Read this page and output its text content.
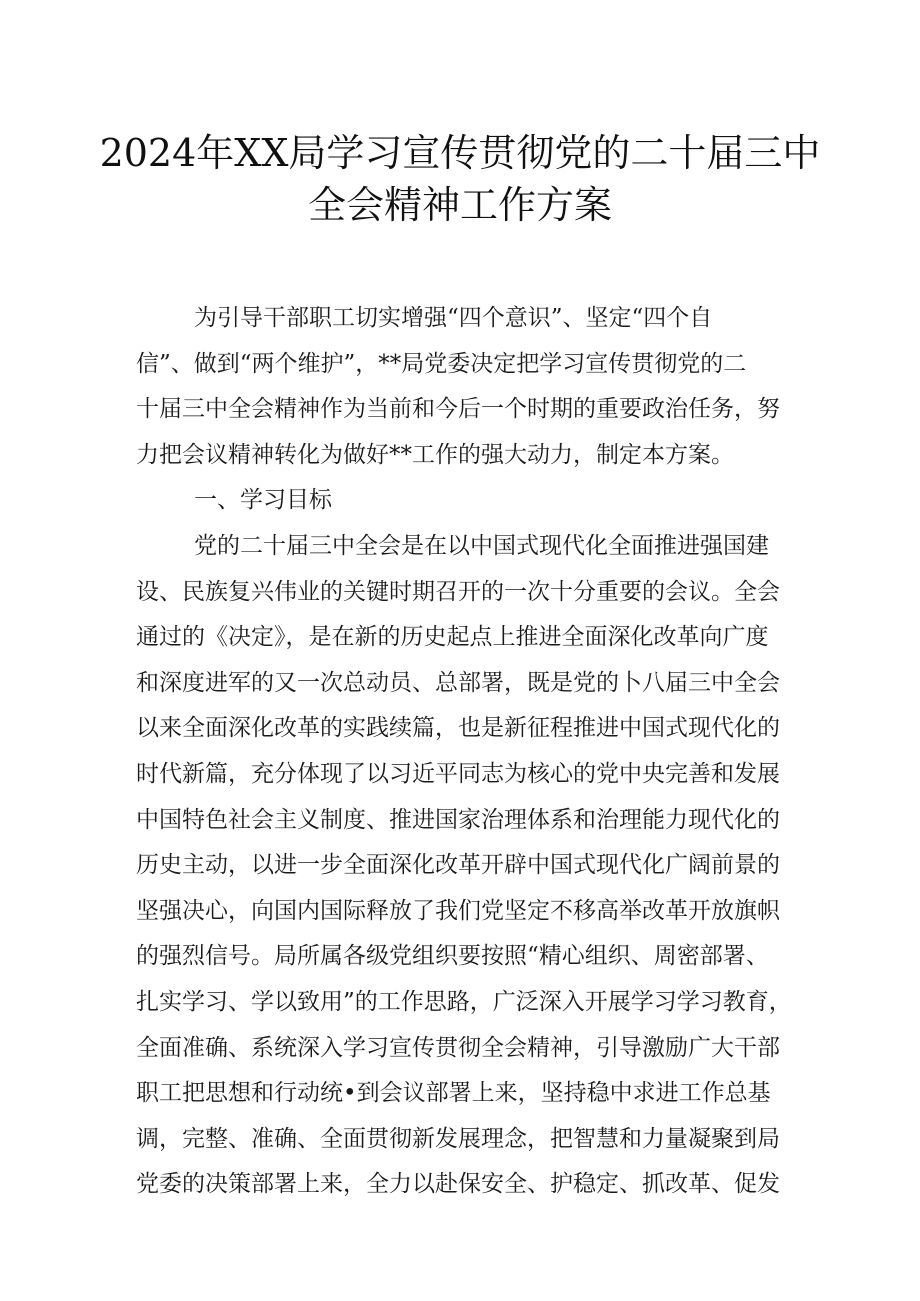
2024年XX局学习宣传贯彻党的二十届三中
全会精神工作方案
为引导干部职工切实增强“四个意识”、坚定“四个自
信”、做到“两个维护”，**局党委决定把学习宣传贯彻党的二
十届三中全会精神作为当前和今后一个时期的重要政治任务，努
力把会议精神转化为做好**工作的强大动力，制定本方案。
一、学习目标
党的二十届三中全会是在以中国式现代化全面推进强国建
设、民族复兴伟业的关键时期召开的一次十分重要的会议。全会
通过的《决定》，是在新的历史起点上推进全面深化改革向广度
和深度进军的又一次总动员、总部署，既是党的卜八届三中全会
以来全面深化改革的实践续篇，也是新征程推进中国式现代化的
时代新篇，充分体现了以习近平同志为核心的党中央完善和发展
中国特色社会主义制度、推进国家治理体系和治理能力现代化的
历史主动，以进一步全面深化改革开辟中国式现代化广阔前景的
坚强决心，向国内国际释放了我们党坚定不移高举改革开放旗帜
的强烈信号。局所属各级党组织要按照“精心组织、周密部署、
扎实学习、学以致用”的工作思路，广泛深入开展学习学习教育，
全面准确、系统深入学习宣传贯彻全会精神，引导激励广大干部
职工把思想和行动统•到会议部署上来，坚持稳中求进工作总基
调，完整、准确、全面贯彻新发展理念，把智慧和力量凝聚到局
党委的决策部署上来，全力以赴保安全、护稳定、抓改革、促发
